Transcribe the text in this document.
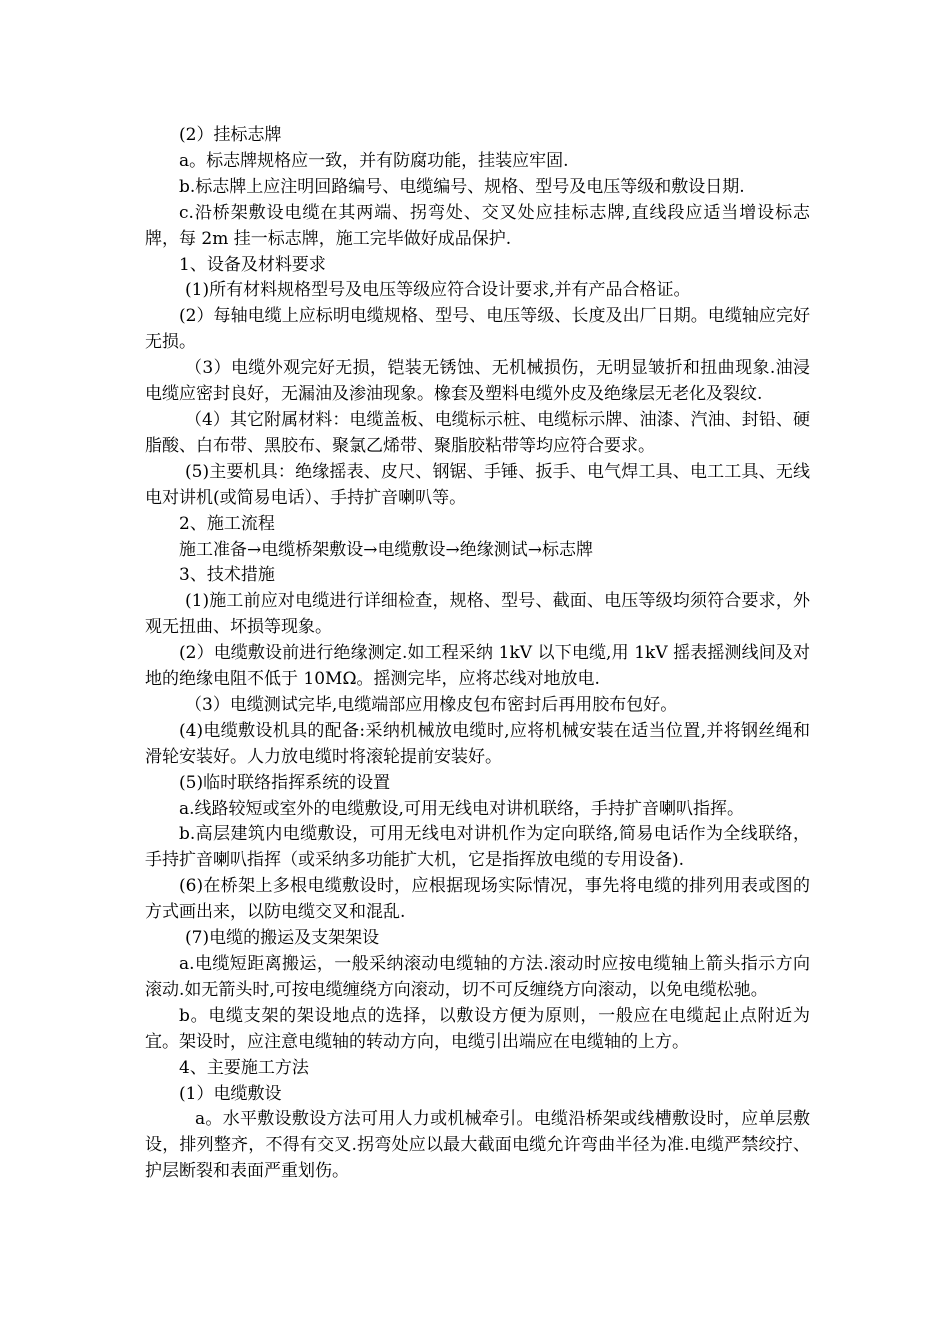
(2）挂标志牌

a。标志牌规格应一致，并有防腐功能，挂装应牢固.

b.标志牌上应注明回路编号、电缆编号、规格、型号及电压等级和敷设日期.

c.沿桥架敷设电缆在其两端、拐弯处、交叉处应挂标志牌,直线段应适当增设标志牌，每 2m 挂一标志牌，施工完毕做好成品保护.

1、设备及材料要求

(1)所有材料规格型号及电压等级应符合设计要求,并有产品合格证。

(2）每轴电缆上应标明电缆规格、型号、电压等级、长度及出厂日期。电缆轴应完好无损。

（3）电缆外观完好无损，铠装无锈蚀、无机械损伤，无明显皱折和扭曲现象.油浸电缆应密封良好，无漏油及渗油现象。橡套及塑料电缆外皮及绝缘层无老化及裂纹.

（4）其它附属材料：电缆盖板、电缆标示桩、电缆标示牌、油漆、汽油、封铅、硬脂酸、白布带、黑胶布、聚氯乙烯带、聚脂胶粘带等均应符合要求。

(5)主要机具：绝缘摇表、皮尺、钢锯、手锤、扳手、电气焊工具、电工工具、无线电对讲机(或简易电话）、手持扩音喇叭等。

2、施工流程

施工准备→电缆桥架敷设→电缆敷设→绝缘测试→标志牌

3、技术措施

(1)施工前应对电缆进行详细检查，规格、型号、截面、电压等级均须符合要求，外观无扭曲、坏损等现象。

(2）电缆敷设前进行绝缘测定.如工程采纳 1kV 以下电缆,用 1kV 摇表摇测线间及对地的绝缘电阻不低于 10MΩ。摇测完毕，应将芯线对地放电.

（3）电缆测试完毕,电缆端部应用橡皮包布密封后再用胶布包好。

(4)电缆敷设机具的配备:采纳机械放电缆时,应将机械安装在适当位置,并将钢丝绳和滑轮安装好。人力放电缆时将滚轮提前安装好。

(5)临时联络指挥系统的设置

a.线路较短或室外的电缆敷设,可用无线电对讲机联络，手持扩音喇叭指挥。

b.高层建筑内电缆敷设，可用无线电对讲机作为定向联络,简易电话作为全线联络，手持扩音喇叭指挥（或采纳多功能扩大机，它是指挥放电缆的专用设备).

(6)在桥架上多根电缆敷设时，应根据现场实际情况，事先将电缆的排列用表或图的方式画出来，以防电缆交叉和混乱.

(7)电缆的搬运及支架架设

a.电缆短距离搬运，一般采纳滚动电缆轴的方法.滚动时应按电缆轴上箭头指示方向滚动.如无箭头时,可按电缆缠绕方向滚动，切不可反缠绕方向滚动，以免电缆松驰。

b。电缆支架的架设地点的选择，以敷设方便为原则，一般应在电缆起止点附近为宜。架设时，应注意电缆轴的转动方向，电缆引出端应在电缆轴的上方。

4、主要施工方法

(1）电缆敷设

a。水平敷设敷设方法可用人力或机械牵引。电缆沿桥架或线槽敷设时，应单层敷设，排列整齐，不得有交叉.拐弯处应以最大截面电缆允许弯曲半径为准.电缆严禁绞拧、护层断裂和表面严重划伤。
